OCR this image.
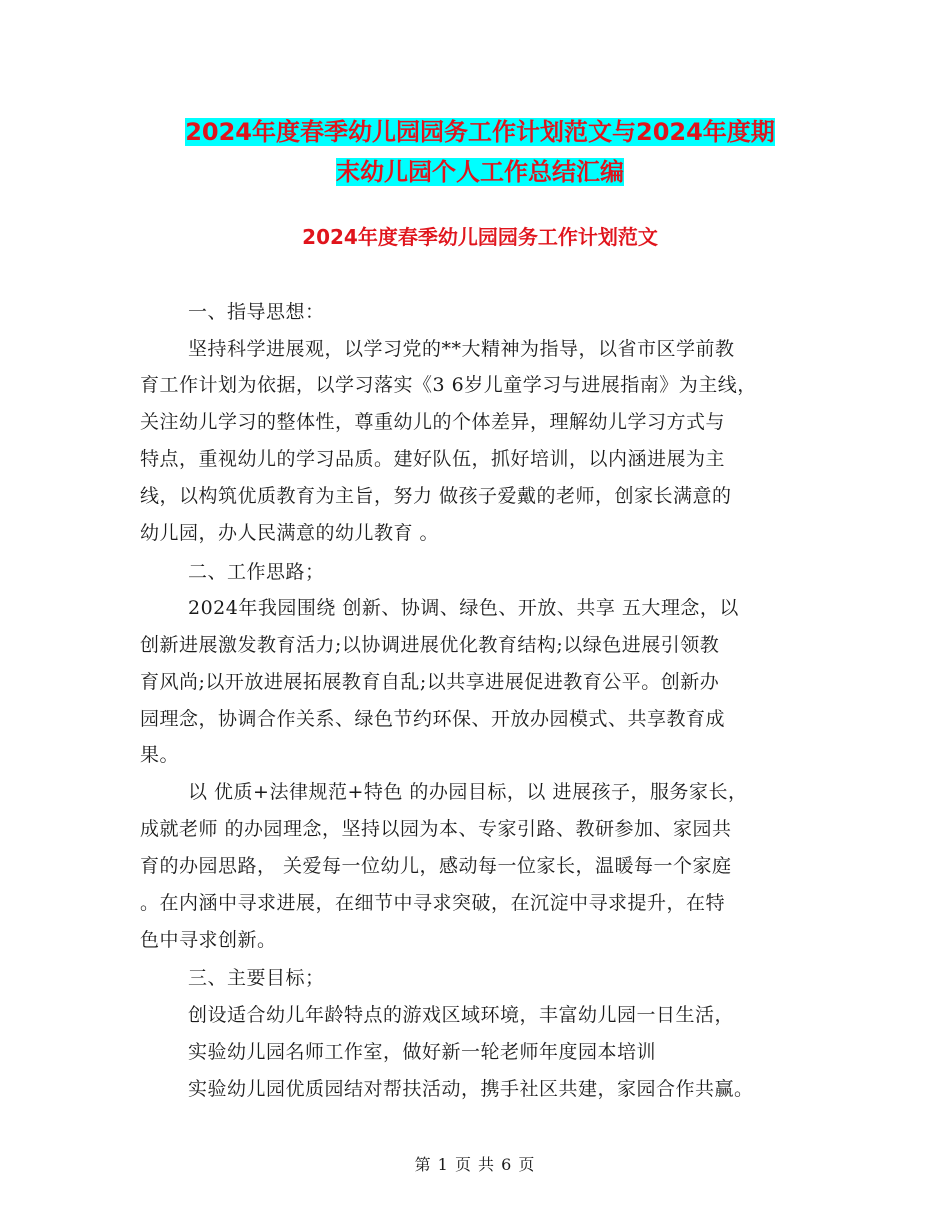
2024年度春季幼儿园园务工作计划范文与2024年度期
末幼儿园个人工作总结汇编
2024年度春季幼儿园园务工作计划范文
一、指导思想：
坚持科学进展观，以学习党的**大精神为指导，以省市区学前教
育工作计划为依据，以学习落实《3 6岁儿童学习与进展指南》为主线，
关注幼儿学习的整体性，尊重幼儿的个体差异，理解幼儿学习方式与
特点，重视幼儿的学习品质。建好队伍，抓好培训，以内涵进展为主
线，以构筑优质教育为主旨，努力 做孩子爱戴的老师，创家长满意的
幼儿园，办人民满意的幼儿教育 。
二、工作思路；
2024年我园围绕 创新、协调、绿色、开放、共享 五大理念，以
创新进展激发教育活力;以协调进展优化教育结构;以绿色进展引领教
育风尚;以开放进展拓展教育自乱;以共享进展促进教育公平。创新办
园理念，协调合作关系、绿色节约环保、开放办园模式、共享教育成
果。
以 优质+法律规范+特色 的办园目标，以 进展孩子，服务家长，
成就老师 的办园理念，坚持以园为本、专家引路、教研参加、家园共
育的办园思路， 关爱每一位幼儿，感动每一位家长，温暖每一个家庭
。在内涵中寻求进展，在细节中寻求突破，在沉淀中寻求提升，在特
色中寻求创新。
三、主要目标；
创设适合幼儿年龄特点的游戏区域环境，丰富幼儿园一日生活，
实验幼儿园名师工作室，做好新一轮老师年度园本培训
实验幼儿园优质园结对帮扶活动，携手社区共建，家园合作共赢。
第 1 页 共 6 页
